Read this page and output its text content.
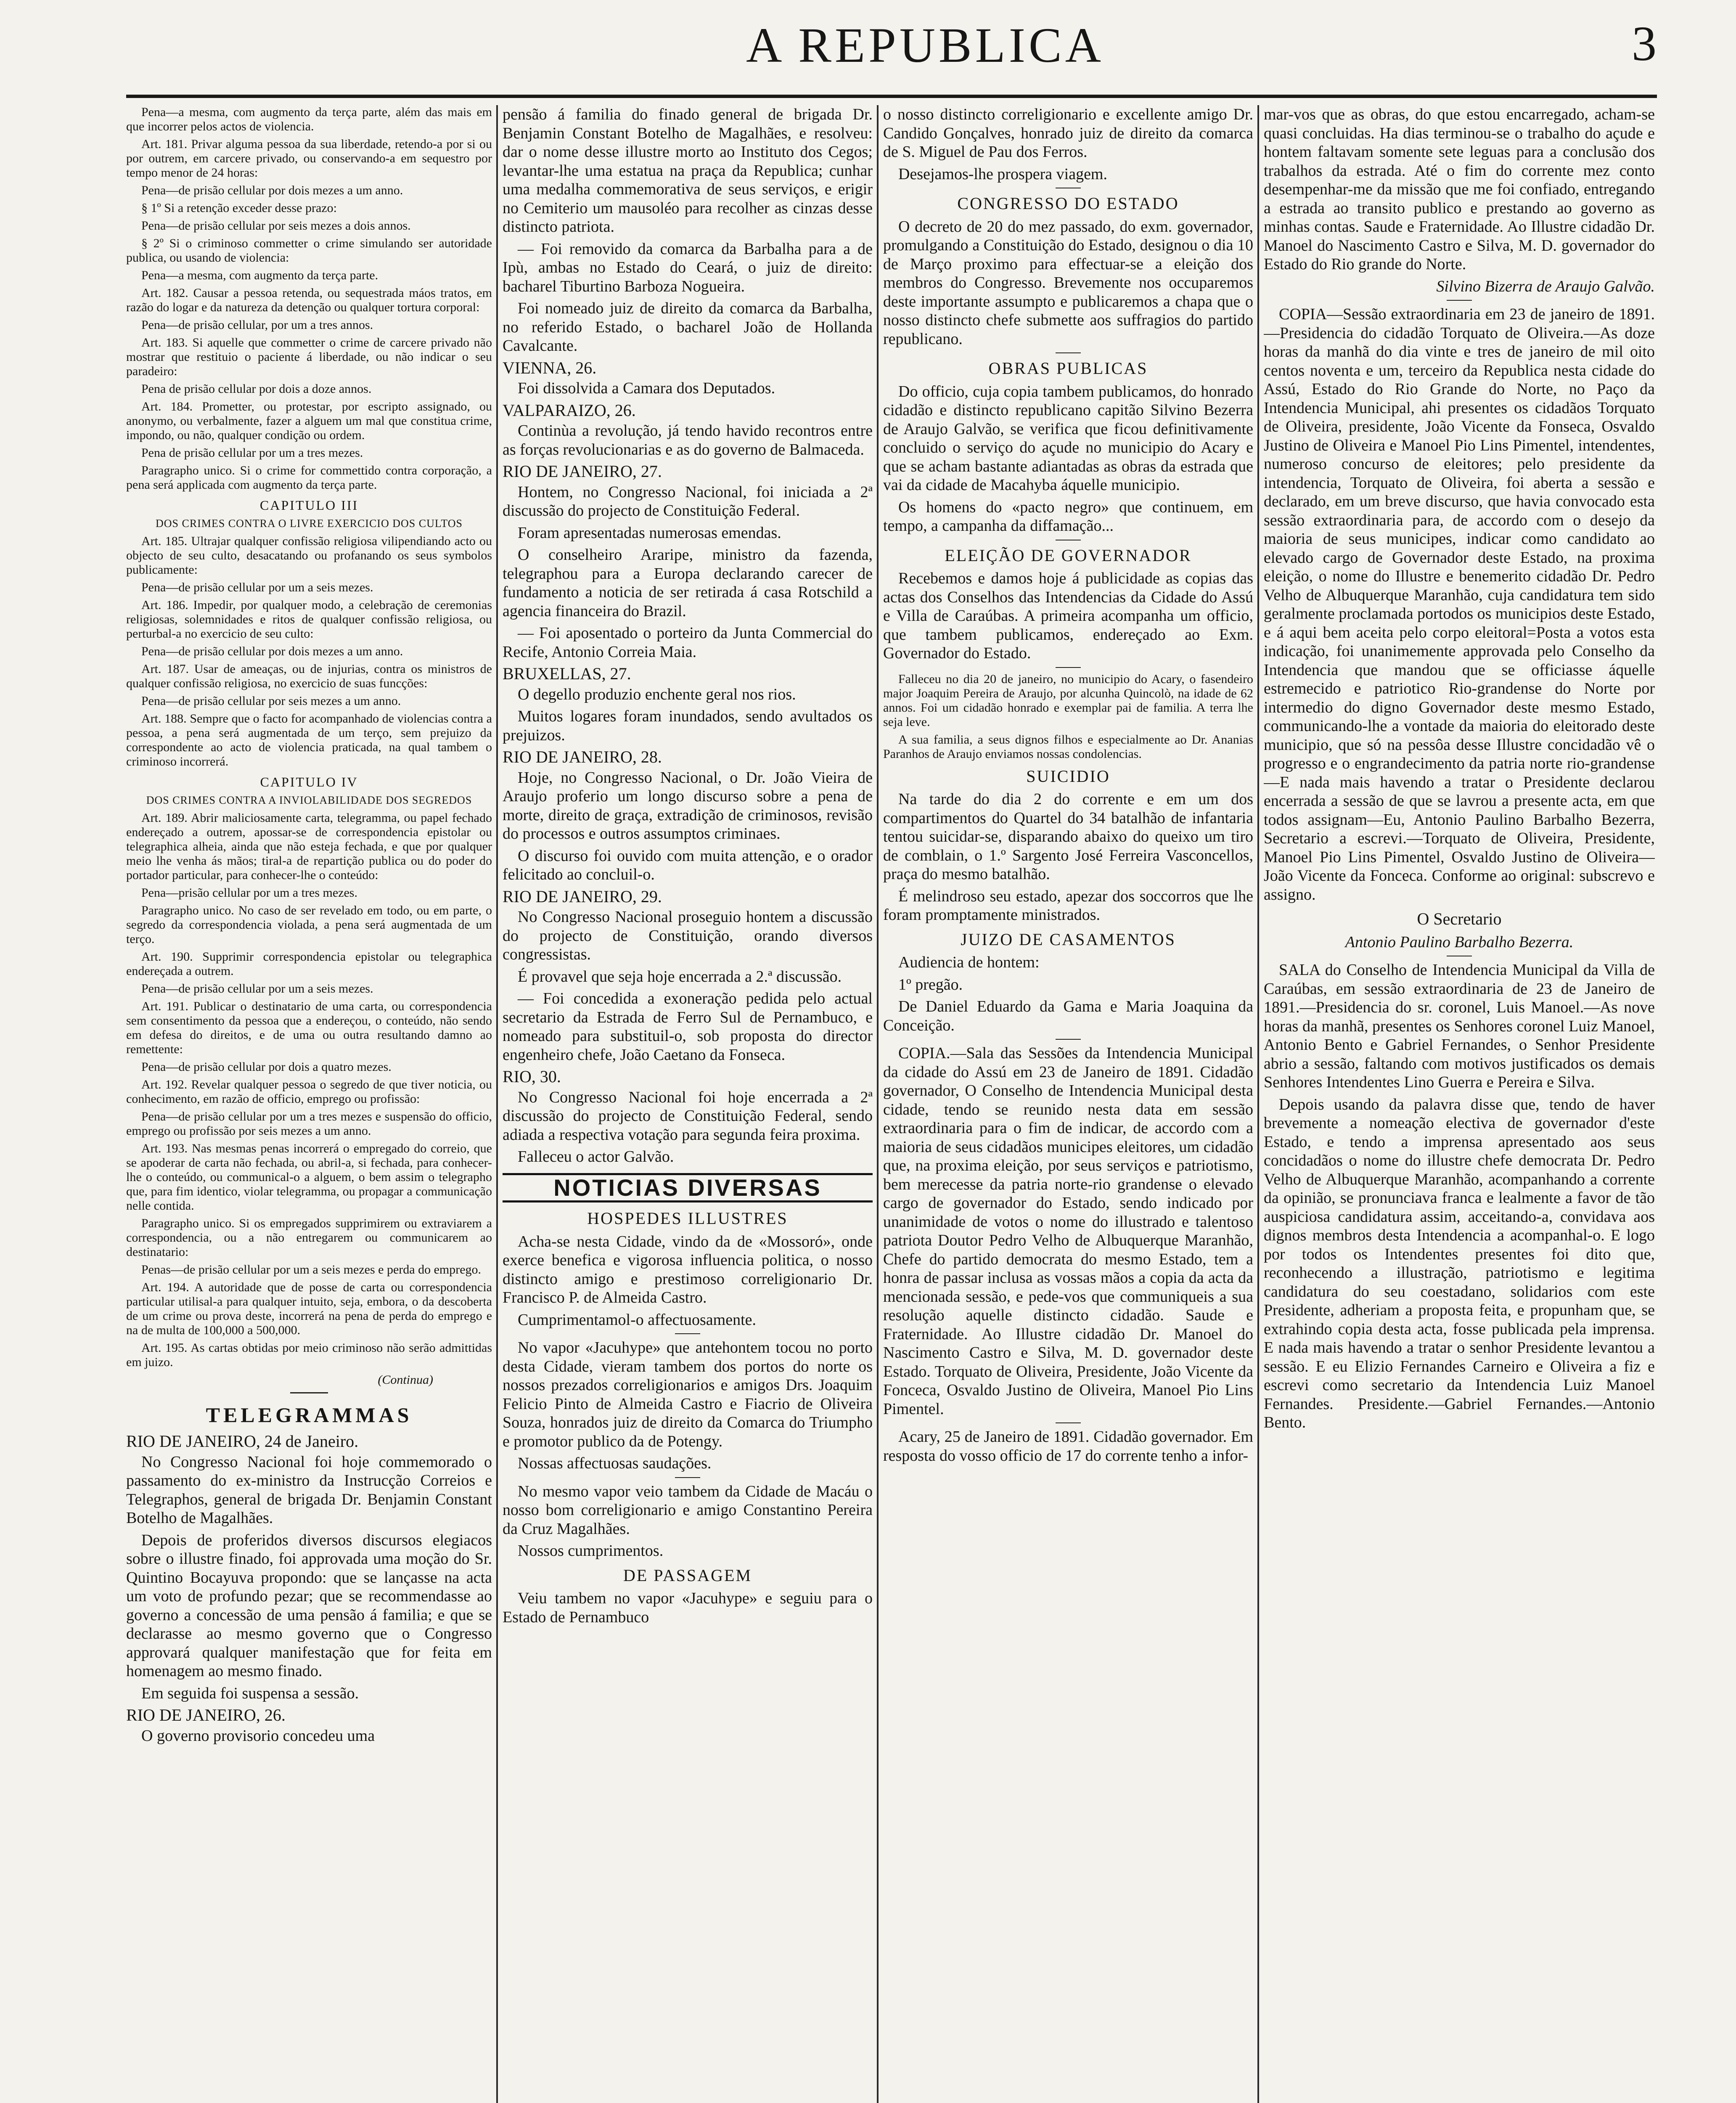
A REPUBLICA	3

Pena—a mesma, com augmento da terça parte, além das mais em que incorrer pelos actos de violencia.

Art. 181. Privar alguma pessoa da sua liberdade, retendo-a por si ou por outrem, em carcere privado, ou conservando-a em sequestro por tempo menor de 24 horas:

Pena—de prisão cellular por dois mezes a um anno.

§ 1º Si a retenção exceder desse prazo:

Pena—de prisão cellular por seis mezes a dois annos.

§ 2º Si o criminoso commetter o crime simulando ser autoridade publica, ou usando de violencia:

Pena—a mesma, com augmento da terça parte.

Art. 182. Causar a pessoa retenda, ou sequestrada máos tratos, em razão do logar e da natureza da detenção ou qualquer tortura corporal:

Pena—de prisão cellular, por um a tres annos.

Art. 183. Si aquelle que commetter o crime de carcere privado não mostrar que restituio o paciente á liberdade, ou não indicar o seu paradeiro:

Pena de prisão cellular por dois a doze annos.

Art. 184. Prometter, ou protestar, por escripto assignado, ou anonymo, ou verbalmente, fazer a alguem um mal que constitua crime, impondo, ou não, qualquer condição ou ordem.

Pena de prisão cellular por um a tres mezes.

Paragrapho unico. Si o crime for commettido contra corporação, a pena será applicada com augmento da terça parte.

CAPITULO III
DOS CRIMES CONTRA O LIVRE EXERCICIO DOS CULTOS

Art. 185. Ultrajar qualquer confissão religiosa vilipendiando acto ou objecto de seu culto, desacatando ou profanando os seus symbolos publicamente:

Pena—de prisão cellular por um a seis mezes.

Art. 186. Impedir, por qualquer modo, a celebração de ceremonias religiosas, solemnidades e ritos de qualquer confissão religiosa, ou perturbal-a no exercicio de seu culto:

Pena—de prisão cellular por dois mezes a um anno.

Art. 187. Usar de ameaças, ou de injurias, contra os ministros de qualquer confissão religiosa, no exercicio de suas funcções:

Pena—de prisão cellular por seis mezes a um anno.

Art. 188. Sempre que o facto for acompanhado de violencias contra a pessoa, a pena será augmentada de um terço, sem prejuizo da correspondente ao acto de violencia praticada, na qual tambem o criminoso incorrerá.

CAPITULO IV
DOS CRIMES CONTRA A INVIOLABILIDADE DOS SEGREDOS

Art. 189. Abrir maliciosamente carta, telegramma, ou papel fechado endereçado a outrem, apossar-se de correspondencia epistolar ou telegraphica alheia, ainda que não esteja fechada, e que por qualquer meio lhe venha ás mãos; tiral-a de repartição publica ou do poder do portador particular, para conhecer-lhe o conteúdo:

Pena—prisão cellular por um a tres mezes.

Paragrapho unico. No caso de ser revelado em todo, ou em parte, o segredo da correspondencia violada, a pena será augmentada de um terço.

Art. 190. Supprimir correspondencia epistolar ou telegraphica endereçada a outrem.

Pena—de prisão cellular por um a seis mezes.

Art. 191. Publicar o destinatario de uma carta, ou correspondencia sem consentimento da pessoa que a endereçou, o conteúdo, não sendo em defesa do direitos, e de uma ou outra resultando damno ao remettente:

Pena—de prisão cellular por dois a quatro mezes.

Art. 192. Revelar qualquer pessoa o segredo de que tiver noticia, ou conhecimento, em razão de officio, emprego ou profissão:

Pena—de prisão cellular por um a tres mezes e suspensão do officio, emprego ou profissão por seis mezes a um anno.

Art. 193. Nas mesmas penas incorrerá o empregado do correio, que se apoderar de carta não fechada, ou abril-a, si fechada, para conhecer-lhe o conteúdo, ou communical-o a alguem, o bem assim o telegrapho que, para fim identico, violar telegramma, ou propagar a communicação nelle contida.

Paragrapho unico. Si os empregados supprimirem ou extraviarem a correspondencia, ou a não entregarem ou communicarem ao destinatario:

Penas—de prisão cellular por um a seis mezes e perda do emprego.

Art. 194. A autoridade que de posse de carta ou correspondencia particular utilisal-a para qualquer intuito, seja, embora, o da descoberta de um crime ou prova deste, incorrerá na pena de perda do emprego e na de multa de 100,000 a 500,000.

Art. 195. As cartas obtidas por meio criminoso não serão admittidas em juizo.

(Continua)
TELEGRAMMAS
RIO DE JANEIRO, 24 de Janeiro.

No Congresso Nacional foi hoje commemorado o passamento do ex-ministro da Instrucção Correios e Telegraphos, general de brigada Dr. Benjamin Constant Botelho de Magalhães.

Depois de proferidos diversos discursos elegiacos sobre o illustre finado, foi approvada uma moção do Sr. Quintino Bocayuva propondo: que se lançasse na acta um voto de profundo pezar; que se recommendasse ao governo a concessão de uma pensão á familia; e que se declarasse ao mesmo governo que o Congresso approvará qualquer manifestação que for feita em homenagem ao mesmo finado.

Em seguida foi suspensa a sessão.

RIO DE JANEIRO, 26.

O governo provisorio concedeu uma

pensão á familia do finado general de brigada Dr. Benjamin Constant Botelho de Magalhães, e resolveu: dar o nome desse illustre morto ao Instituto dos Cegos; levantar-lhe uma estatua na praça da Republica; cunhar uma medalha commemorativa de seus serviços, e erigir no Cemiterio um mausoléo para recolher as cinzas desse distincto patriota.

— Foi removido da comarca da Barbalha para a de Ipù, ambas no Estado do Ceará, o juiz de direito: bacharel Tiburtino Barboza Nogueira.

Foi nomeado juiz de direito da comarca da Barbalha, no referido Estado, o bacharel João de Hollanda Cavalcante.

VIENNA, 26.

Foi dissolvida a Camara dos Deputados.

VALPARAIZO, 26.

Continùa a revolução, já tendo havido recontros entre as forças revolucionarias e as do governo de Balmaceda.

RIO DE JANEIRO, 27.

Hontem, no Congresso Nacional, foi iniciada a 2ª discussão do projecto de Constituição Federal.

Foram apresentadas numerosas emendas.

O conselheiro Araripe, ministro da fazenda, telegraphou para a Europa declarando carecer de fundamento a noticia de ser retirada á casa Rotschild a agencia financeira do Brazil.

— Foi aposentado o porteiro da Junta Commercial do Recife, Antonio Correia Maia.

BRUXELLAS, 27.

O degello produzio enchente geral nos rios.

Muitos logares foram inundados, sendo avultados os prejuizos.

RIO DE JANEIRO, 28.

Hoje, no Congresso Nacional, o Dr. João Vieira de Araujo proferio um longo discurso sobre a pena de morte, direito de graça, extradição de criminosos, revisão do processos e outros assumptos criminaes.

O discurso foi ouvido com muita attenção, e o orador felicitado ao concluil-o.

RIO DE JANEIRO, 29.

No Congresso Nacional proseguio hontem a discussão do projecto de Constituição, orando diversos congressistas.

É provavel que seja hoje encerrada a 2.ª discussão.

— Foi concedida a exoneração pedida pelo actual secretario da Estrada de Ferro Sul de Pernambuco, e nomeado para substituil-o, sob proposta do director engenheiro chefe, João Caetano da Fonseca.

RIO, 30.

No Congresso Nacional foi hoje encerrada a 2ª discussão do projecto de Constituição Federal, sendo adiada a respectiva votação para segunda feira proxima.

Falleceu o actor Galvão.

NOTICIAS DIVERSAS
HOSPEDES ILLUSTRES

Acha-se nesta Cidade, vindo da de «Mossoró», onde exerce benefica e vigorosa influencia politica, o nosso distincto amigo e prestimoso correligionario Dr. Francisco P. de Almeida Castro.

Cumprimentamol-o affectuosamente.

No vapor «Jacuhype» que antehontem tocou no porto desta Cidade, vieram tambem dos portos do norte os nossos prezados correligionarios e amigos Drs. Joaquim Felicio Pinto de Almeida Castro e Fiacrio de Oliveira Souza, honrados juiz de direito da Comarca do Triumpho e promotor publico da de Potengy.

Nossas affectuosas saudações.

No mesmo vapor veio tambem da Cidade de Macáu o nosso bom correligionario e amigo Constantino Pereira da Cruz Magalhães.

Nossos cumprimentos.

DE PASSAGEM

Veiu tambem no vapor «Jacuhype» e seguiu para o Estado de Pernambuco

o nosso distincto correligionario e excellente amigo Dr. Candido Gonçalves, honrado juiz de direito da comarca de S. Miguel de Pau dos Ferros.

Desejamos-lhe prospera viagem.

CONGRESSO DO ESTADO

O decreto de 20 do mez passado, do exm. governador, promulgando a Constituição do Estado, designou o dia 10 de Março proximo para effectuar-se a eleição dos membros do Congresso. Brevemente nos occuparemos deste importante assumpto e publicaremos a chapa que o nosso distincto chefe submette aos suffragios do partido republicano.

OBRAS PUBLICAS

Do officio, cuja copia tambem publicamos, do honrado cidadão e distincto republicano capitão Silvino Bezerra de Araujo Galvão, se verifica que ficou definitivamente concluido o serviço do açude no municipio do Acary e que se acham bastante adiantadas as obras da estrada que vai da cidade de Macahyba áquelle municipio.

Os homens do «pacto negro» que continuem, em tempo, a campanha da diffamação...

ELEIÇÃO DE GOVERNADOR

Recebemos e damos hoje á publicidade as copias das actas dos Conselhos das Intendencias da Cidade do Assú e Villa de Caraúbas. A primeira acompanha um officio, que tambem publicamos, endereçado ao Exm. Governador do Estado.

Falleceu no dia 20 de janeiro, no municipio do Acary, o fasendeiro major Joaquim Pereira de Araujo, por alcunha Quincolò, na idade de 62 annos. Foi um cidadão honrado e exemplar pai de familia. A terra lhe seja leve.

A sua familia, a seus dignos filhos e especialmente ao Dr. Ananias Paranhos de Araujo enviamos nossas condolencias.

SUICIDIO

Na tarde do dia 2 do corrente e em um dos compartimentos do Quartel do 34 batalhão de infantaria tentou suicidar-se, disparando abaixo do queixo um tiro de comblain, o 1.º Sargento José Ferreira Vasconcellos, praça do mesmo batalhão.

É melindroso seu estado, apezar dos soccorros que lhe foram promptamente ministrados.

JUIZO DE CASAMENTOS

Audiencia de hontem:

1º pregão.

De Daniel Eduardo da Gama e Maria Joaquina da Conceição.

COPIA.—Sala das Sessões da Intendencia Municipal da cidade do Assú em 23 de Janeiro de 1891. Cidadão governador, O Conselho de Intendencia Municipal desta cidade, tendo se reunido nesta data em sessão extraordinaria para o fim de indicar, de accordo com a maioria de seus cidadãos municipes eleitores, um cidadão que, na proxima eleição, por seus serviços e patriotismo, bem merecesse da patria norte-rio grandense o elevado cargo de governador do Estado, sendo indicado por unanimidade de votos o nome do illustrado e talentoso patriota Doutor Pedro Velho de Albuquerque Maranhão, Chefe do partido democrata do mesmo Estado, tem a honra de passar inclusa as vossas mãos a copia da acta da mencionada sessão, e pede-vos que communiqueis a sua resolução aquelle distincto cidadão. Saude e Fraternidade. Ao Illustre cidadão Dr. Manoel do Nascimento Castro e Silva, M. D. governador deste Estado. Torquato de Oliveira, Presidente, João Vicente da Fonceca, Osvaldo Justino de Oliveira, Manoel Pio Lins Pimentel.

Acary, 25 de Janeiro de 1891. Cidadão governador. Em resposta do vosso officio de 17 do corrente tenho a infor-

mar-vos que as obras, do que estou encarregado, acham-se quasi concluidas. Ha dias terminou-se o trabalho do açude e hontem faltavam somente sete leguas para a conclusão dos trabalhos da estrada. Até o fim do corrente mez conto desempenhar-me da missão que me foi confiado, entregando a estrada ao transito publico e prestando ao governo as minhas contas. Saude e Fraternidade. Ao Illustre cidadão Dr. Manoel do Nascimento Castro e Silva, M. D. governador do Estado do Rio grande do Norte.

Silvino Bizerra de Araujo Galvão.

COPIA—Sessão extraordinaria em 23 de janeiro de 1891.—Presidencia do cidadão Torquato de Oliveira.—As doze horas da manhã do dia vinte e tres de janeiro de mil oito centos noventa e um, terceiro da Republica nesta cidade do Assú, Estado do Rio Grande do Norte, no Paço da Intendencia Municipal, ahi presentes os cidadãos Torquato de Oliveira, presidente, João Vicente da Fonseca, Osvaldo Justino de Oliveira e Manoel Pio Lins Pimentel, intendentes, numeroso concurso de eleitores; pelo presidente da intendencia, Torquato de Oliveira, foi aberta a sessão e declarado, em um breve discurso, que havia convocado esta sessão extraordinaria para, de accordo com o desejo da maioria de seus municipes, indicar como candidato ao elevado cargo de Governador deste Estado, na proxima eleição, o nome do Illustre e benemerito cidadão Dr. Pedro Velho de Albuquerque Maranhão, cuja candidatura tem sido geralmente proclamada portodos os municipios deste Estado, e á aqui bem aceita pelo corpo eleitoral=Posta a votos esta indicação, foi unanimemente approvada pelo Conselho da Intendencia que mandou que se officiasse áquelle estremecido e patriotico Rio-grandense do Norte por intermedio do digno Governador deste mesmo Estado, communicando-lhe a vontade da maioria do eleitorado deste municipio, que só na pessôa desse Illustre concidadão vê o progresso e o engrandecimento da patria norte rio-grandense—E nada mais havendo a tratar o Presidente declarou encerrada a sessão de que se lavrou a presente acta, em que todos assignam—Eu, Antonio Paulino Barbalho Bezerra, Secretario a escrevi.—Torquato de Oliveira, Presidente, Manoel Pio Lins Pimentel, Osvaldo Justino de Oliveira—João Vicente da Fonceca. Conforme ao original: subscrevo e assigno.

O Secretario
Antonio Paulino Barbalho Bezerra.

SALA do Conselho de Intendencia Municipal da Villa de Caraúbas, em sessão extraordinaria de 23 de Janeiro de 1891.—Presidencia do sr. coronel, Luis Manoel.—As nove horas da manhã, presentes os Senhores coronel Luiz Manoel, Antonio Bento e Gabriel Fernandes, o Senhor Presidente abrio a sessão, faltando com motivos justificados os demais Senhores Intendentes Lino Guerra e Pereira e Silva.

Depois usando da palavra disse que, tendo de haver brevemente a nomeação electiva de governador d'este Estado, e tendo a imprensa apresentado aos seus concidadãos o nome do illustre chefe democrata Dr. Pedro Velho de Albuquerque Maranhão, acompanhando a corrente da opinião, se pronunciava franca e lealmente a favor de tão auspiciosa candidatura assim, acceitando-a, convidava aos dignos membros desta Intendencia a acompanhal-o. E logo por todos os Intendentes presentes foi dito que, reconhecendo a illustração, patriotismo e legitima candidatura do seu coestadano, solidarios com este Presidente, adheriam a proposta feita, e propunham que, se extrahindo copia desta acta, fosse publicada pela imprensa. E nada mais havendo a tratar o senhor Presidente levantou a sessão. E eu Elizio Fernandes Carneiro e Oliveira a fiz e escrevi como secretario da Intendencia Luiz Manoel Fernandes. Presidente.—Gabriel Fernandes.—Antonio Bento.
